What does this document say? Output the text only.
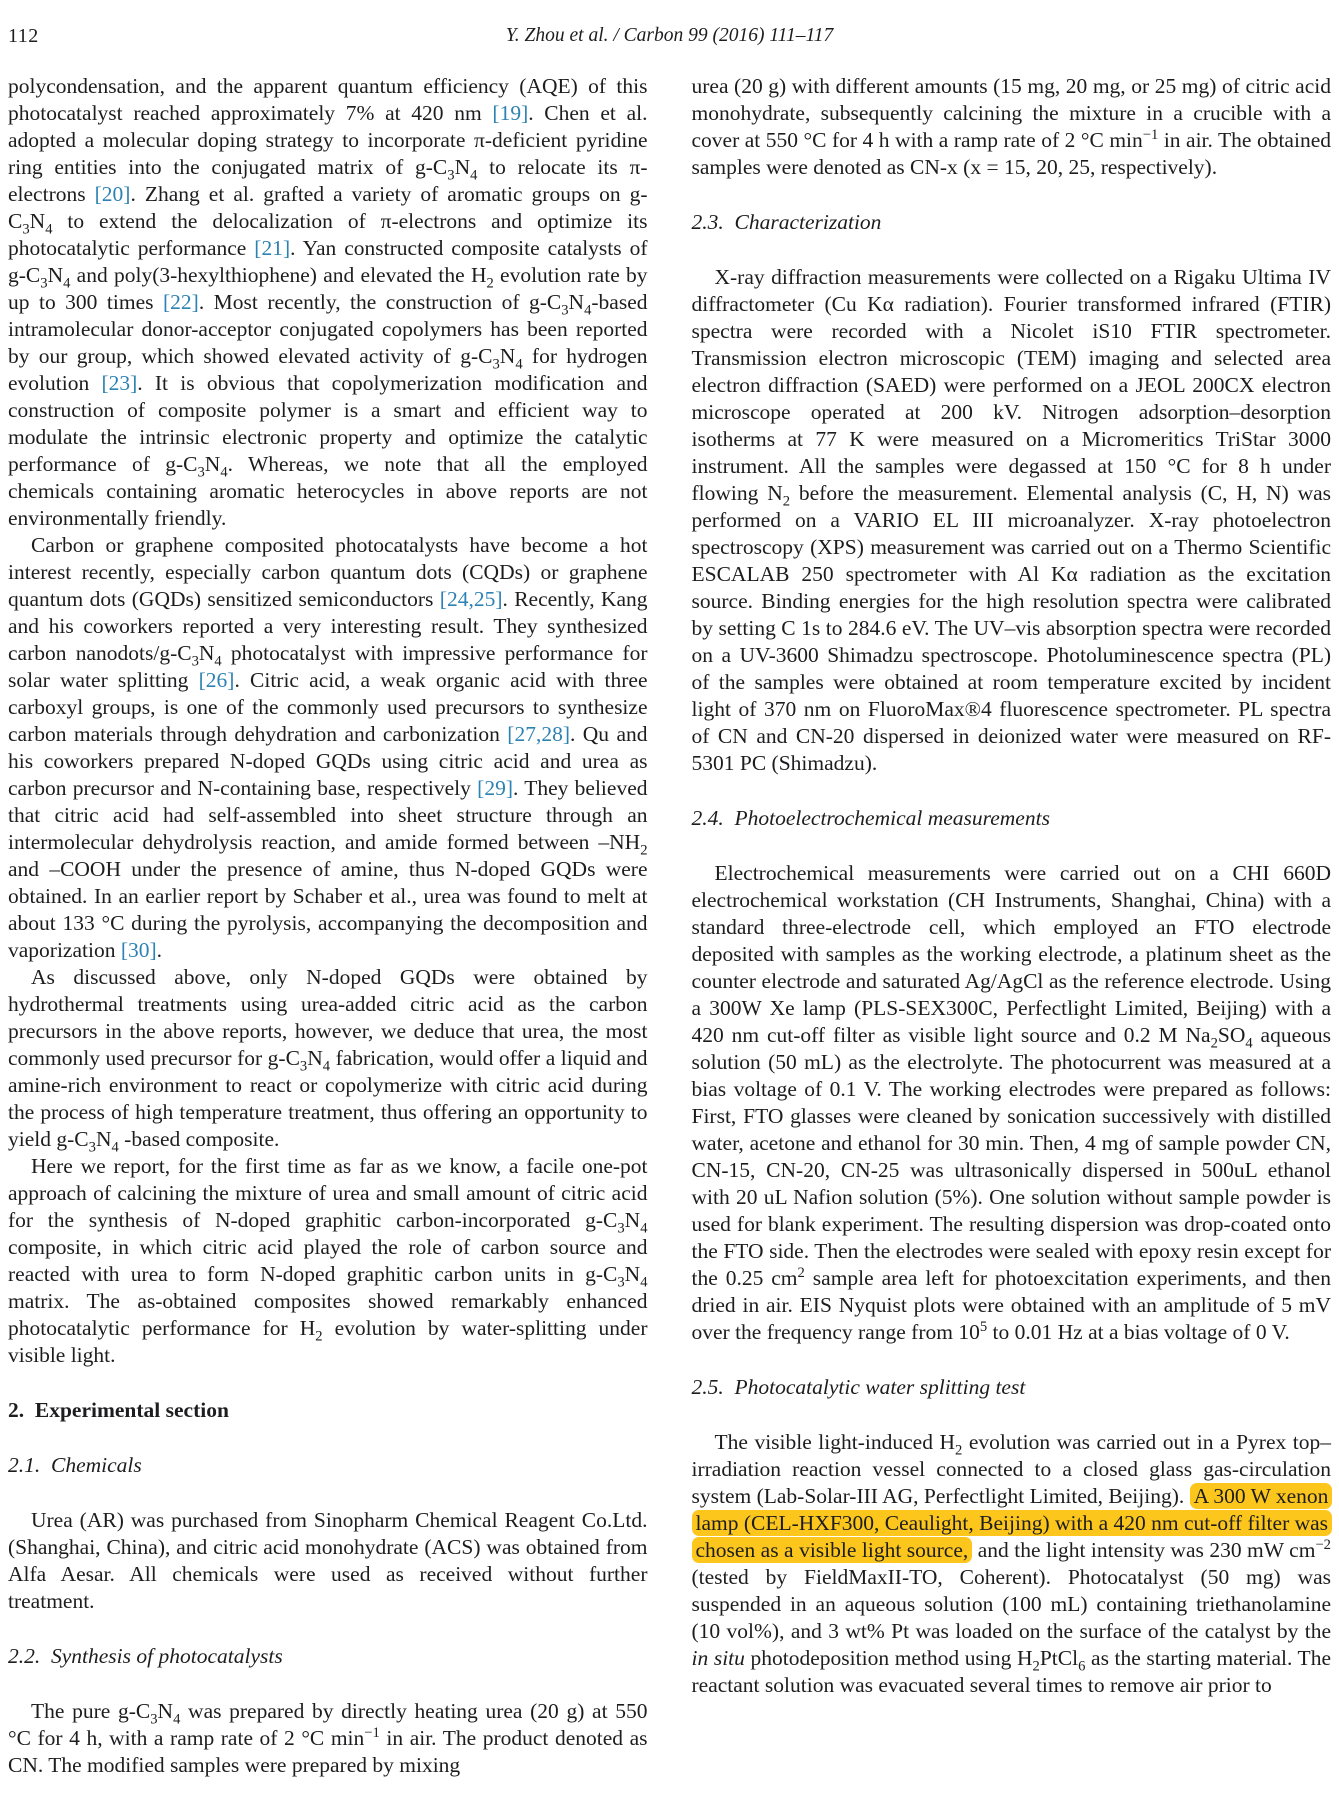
112	Y. Zhou et al. / Carbon 99 (2016) 111–117
polycondensation, and the apparent quantum efficiency (AQE) of this photocatalyst reached approximately 7% at 420 nm [19]. Chen et al. adopted a molecular doping strategy to incorporate π-deficient pyridine ring entities into the conjugated matrix of $g-C_3N_4$ to relocate its π-electrons [20]. Zhang et al. grafted a variety of aromatic groups on $g-C_3N_4$ to extend the delocalization of π-electrons and optimize its photocatalytic performance [21]. Yan constructed composite catalysts of $g-C_3N_4$ and poly(3-hexylthiophene) and elevated the $H_2$ evolution rate by up to 300 times [22]. Most recently, the construction of $g-C_3N_4$-based intramolecular donor-acceptor conjugated copolymers has been reported by our group, which showed elevated activity of $g-C_3N_4$ for hydrogen evolution [23]. It is obvious that copolymerization modification and construction of composite polymer is a smart and efficient way to modulate the intrinsic electronic property and optimize the catalytic performance of $g-C_3N_4$. Whereas, we note that all the employed chemicals containing aromatic heterocycles in above reports are not environmentally friendly.
Carbon or graphene composited photocatalysts have become a hot interest recently, especially carbon quantum dots (CQDs) or graphene quantum dots (GQDs) sensitized semiconductors [24,25]. Recently, Kang and his coworkers reported a very interesting result. They synthesized carbon nanodots/$g-C_3N_4$ photocatalyst with impressive performance for solar water splitting [26]. Citric acid, a weak organic acid with three carboxyl groups, is one of the commonly used precursors to synthesize carbon materials through dehydration and carbonization [27,28]. Qu and his coworkers prepared N-doped GQDs using citric acid and urea as carbon precursor and N-containing base, respectively [29]. They believed that citric acid had self-assembled into sheet structure through an intermolecular dehydrolysis reaction, and amide formed between $-NH_2$ and –COOH under the presence of amine, thus N-doped GQDs were obtained. In an earlier report by Schaber et al., urea was found to melt at about 133 °C during the pyrolysis, accompanying the decomposition and vaporization [30].
As discussed above, only N-doped GQDs were obtained by hydrothermal treatments using urea-added citric acid as the carbon precursors in the above reports, however, we deduce that urea, the most commonly used precursor for $g-C_3N_4$ fabrication, would offer a liquid and amine-rich environment to react or copolymerize with citric acid during the process of high temperature treatment, thus offering an opportunity to yield $g-C_3N_4$ -based composite.
Here we report, for the first time as far as we know, a facile one-pot approach of calcining the mixture of urea and small amount of citric acid for the synthesis of N-doped graphitic carbon-incorporated $g-C_3N_4$ composite, in which citric acid played the role of carbon source and reacted with urea to form N-doped graphitic carbon units in $g-C_3N_4$ matrix. The as-obtained composites showed remarkably enhanced photocatalytic performance for $H_2$ evolution by water-splitting under visible light.
2. Experimental section
2.1. Chemicals
Urea (AR) was purchased from Sinopharm Chemical Reagent Co.Ltd. (Shanghai, China), and citric acid monohydrate (ACS) was obtained from Alfa Aesar. All chemicals were used as received without further treatment.
2.2. Synthesis of photocatalysts
The pure $g-C_3N_4$ was prepared by directly heating urea (20 g) at 550 °C for 4 h, with a ramp rate of 2 °C $\min^{-1}$ in air. The product denoted as CN. The modified samples were prepared by mixing
urea (20 g) with different amounts (15 mg, 20 mg, or 25 mg) of citric acid monohydrate, subsequently calcining the mixture in a crucible with a cover at 550 °C for 4 h with a ramp rate of 2 °C $\min^{-1}$ in air. The obtained samples were denoted as CN-x (x = 15, 20, 25, respectively).
2.3. Characterization
X-ray diffraction measurements were collected on a Rigaku Ultima IV diffractometer (Cu Kα radiation). Fourier transformed infrared (FTIR) spectra were recorded with a Nicolet iS10 FTIR spectrometer. Transmission electron microscopic (TEM) imaging and selected area electron diffraction (SAED) were performed on a JEOL 200CX electron microscope operated at 200 kV. Nitrogen adsorption–desorption isotherms at 77 K were measured on a Micromeritics TriStar 3000 instrument. All the samples were degassed at 150 °C for 8 h under flowing $N_2$ before the measurement. Elemental analysis (C, H, N) was performed on a VARIO EL III microanalyzer. X-ray photoelectron spectroscopy (XPS) measurement was carried out on a Thermo Scientific ESCALAB 250 spectrometer with Al Kα radiation as the excitation source. Binding energies for the high resolution spectra were calibrated by setting C 1s to 284.6 eV. The UV–vis absorption spectra were recorded on a UV-3600 Shimadzu spectroscope. Photoluminescence spectra (PL) of the samples were obtained at room temperature excited by incident light of 370 nm on FluoroMax®4 fluorescence spectrometer. PL spectra of CN and CN-20 dispersed in deionized water were measured on RF-5301 PC (Shimadzu).
2.4. Photoelectrochemical measurements
Electrochemical measurements were carried out on a CHI 660D electrochemical workstation (CH Instruments, Shanghai, China) with a standard three-electrode cell, which employed an FTO electrode deposited with samples as the working electrode, a platinum sheet as the counter electrode and saturated Ag/AgCl as the reference electrode. Using a 300W Xe lamp (PLS-SEX300C, Perfectlight Limited, Beijing) with a 420 nm cut-off filter as visible light source and 0.2 M $Na_2SO_4$ aqueous solution (50 mL) as the electrolyte. The photocurrent was measured at a bias voltage of 0.1 V. The working electrodes were prepared as follows: First, FTO glasses were cleaned by sonication successively with distilled water, acetone and ethanol for 30 min. Then, 4 mg of sample powder CN, CN-15, CN-20, CN-25 was ultrasonically dispersed in 500uL ethanol with 20 uL Nafion solution (5%). One solution without sample powder is used for blank experiment. The resulting dispersion was drop-coated onto the FTO side. Then the electrodes were sealed with epoxy resin except for the 0.25 $cm^2$ sample area left for photoexcitation experiments, and then dried in air. EIS Nyquist plots were obtained with an amplitude of 5 mV over the frequency range from $10^5$ to 0.01 Hz at a bias voltage of 0 V.
2.5. Photocatalytic water splitting test
The visible light-induced $H_2$ evolution was carried out in a Pyrex top–irradiation reaction vessel connected to a closed glass gas-circulation system (Lab-Solar-III AG, Perfectlight Limited, Beijing). A 300 W xenon lamp (CEL-HXF300, Ceaulight, Beijing) with a 420 nm cut-off filter was chosen as a visible light source, and the light intensity was 230 mW $cm^{-2}$ (tested by FieldMaxII-TO, Coherent). Photocatalyst (50 mg) was suspended in an aqueous solution (100 mL) containing triethanolamine (10 vol%), and 3 wt% Pt was loaded on the surface of the catalyst by the in situ photodeposition method using $H_2PtCl_6$ as the starting material. The reactant solution was evacuated several times to remove air prior to
